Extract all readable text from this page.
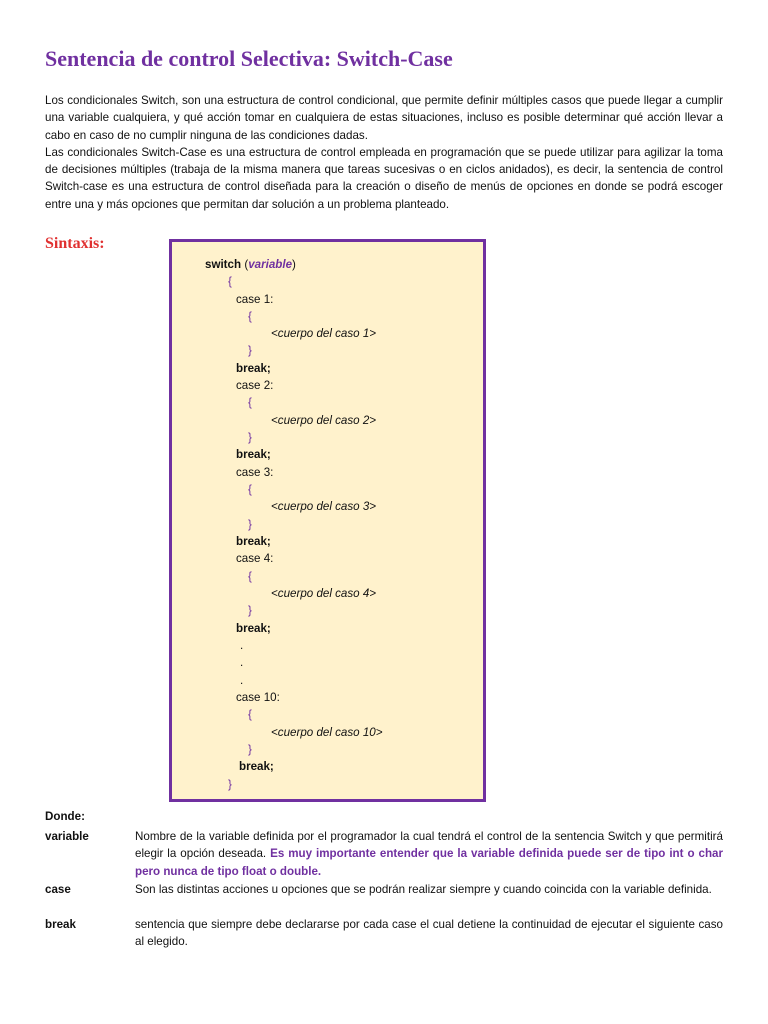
Sentencia de control Selectiva: Switch-Case

Los condicionales Switch, son una estructura de control condicional, que permite definir múltiples casos que puede llegar a cumplir una variable cualquiera, y qué acción tomar en cualquiera de estas situaciones, incluso es posible determinar qué acción llevar a cabo en caso de no cumplir ninguna de las condiciones dadas.

Las condicionales Switch-Case es una estructura de control empleada en programación que se puede utilizar para agilizar la toma de decisiones múltiples (trabaja de la misma manera que tareas sucesivas o en ciclos anidados), es decir, la sentencia de control Switch-case es una estructura de control diseñada para la creación o diseño de menús de opciones en donde se podrá escoger entre una y más opciones que permitan dar solución a un problema planteado.

Sintaxis:
switch (variable)
{
case 1:
{
<cuerpo del caso 1>
}
break;
case 2:
{
<cuerpo del caso 2>
}
break;
case 3:
{
<cuerpo del caso 3>
}
break;
case 4:
{
<cuerpo del caso 4>
}
break;
.
.
.
case 10:
{
<cuerpo del caso 10>
}
break;
}
Donde:
variable	Nombre de la variable definida por el programador la cual tendrá el control de la sentencia Switch y que permitirá elegir la opción deseada. Es muy importante entender que la variable definida puede ser de tipo int o char pero nunca de tipo float o double.
case	Son las distintas acciones u opciones que se podrán realizar siempre y cuando coincida con la variable definida.
break	sentencia que siempre debe declararse por cada case el cual detiene la continuidad de ejecutar el siguiente caso al elegido.
